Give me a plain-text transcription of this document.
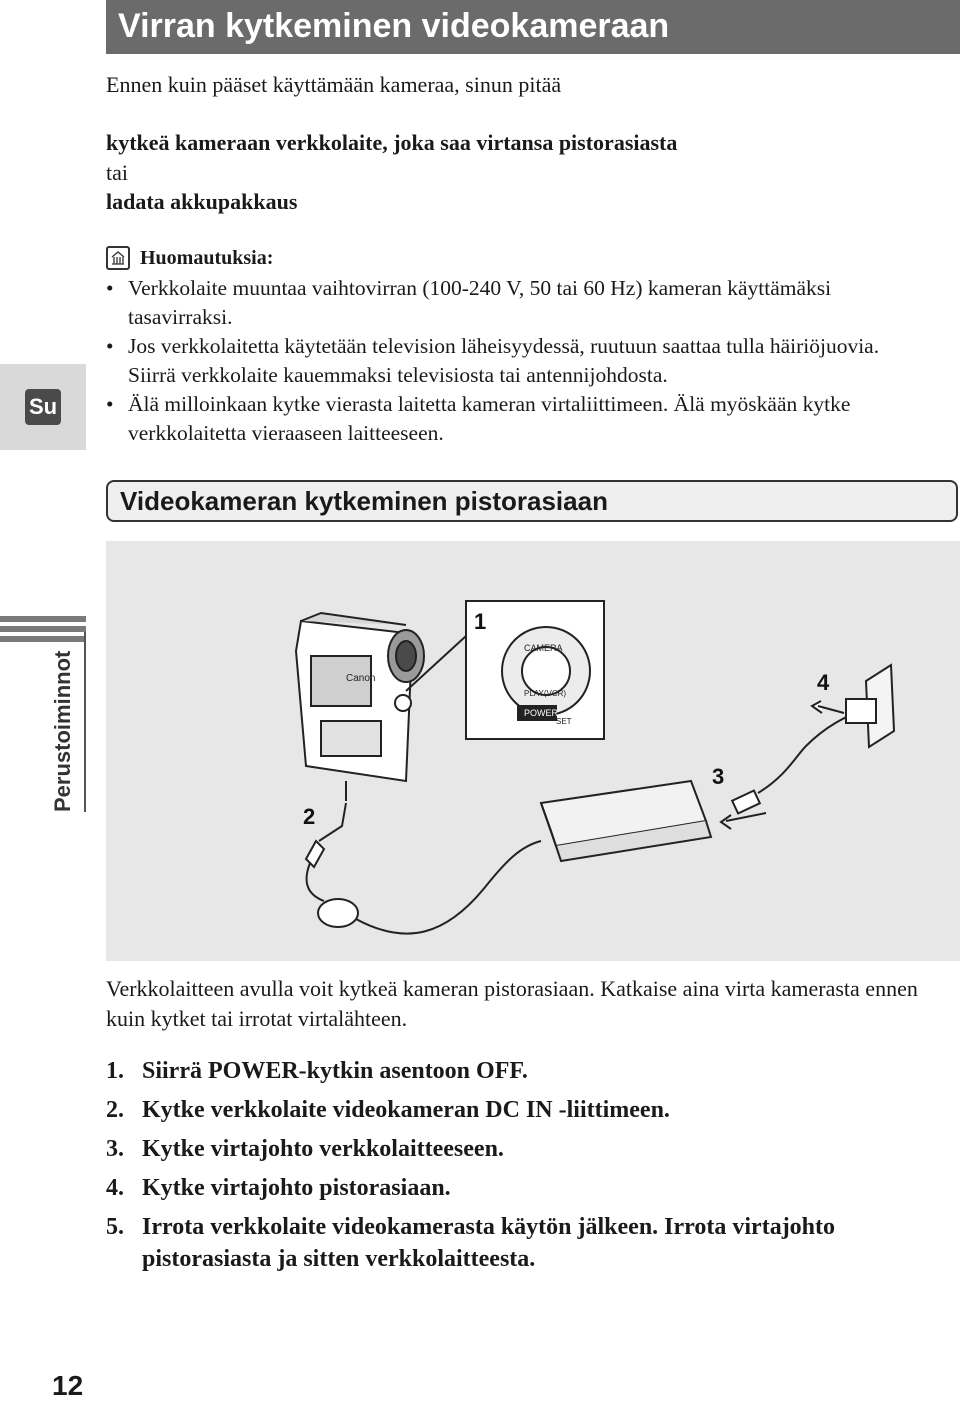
Virran kytkeminen videokameraan
Ennen kuin pääset käyttämään kameraa, sinun pitää
kytkeä kameraan verkkolaite, joka saa virtansa pistorasiasta
tai
ladata akkupakkaus
Huomautuksia:
• Verkkolaite muuntaa vaihtovirran (100-240 V, 50 tai 60 Hz) kameran käyttämäksi tasavirraksi.
• Jos verkkolaitetta käytetään television läheisyydessä, ruutuun saattaa tulla häiriöjuovia. Siirrä verkkolaite kauemmaksi televisiosta tai antennijohdosta.
• Älä milloinkaan kytke vierasta laitetta kameran virtaliittimeen. Älä myöskään kytke verkkolaitetta vieraaseen laitteeseen.
Su
Videokameran kytkeminen pistorasiaan
Perustoiminnot	Canon
POWER
SET
CAMERA
PLAY(VCR)
1
2
3
4
Verkkolaitteen avulla voit kytkeä kameran pistorasiaan. Katkaise aina virta kamerasta ennen kuin kytket tai irrotat virtalähteen.
1. Siirrä POWER-kytkin asentoon OFF.
2. Kytke verkkolaite videokameran DC IN -liittimeen.
3. Kytke virtajohto verkkolaitteeseen.
4. Kytke virtajohto pistorasiaan.
5. Irrota verkkolaite videokamerasta käytön jälkeen. Irrota virtajohto pistorasiasta ja sitten verkkolaitteesta.
12
